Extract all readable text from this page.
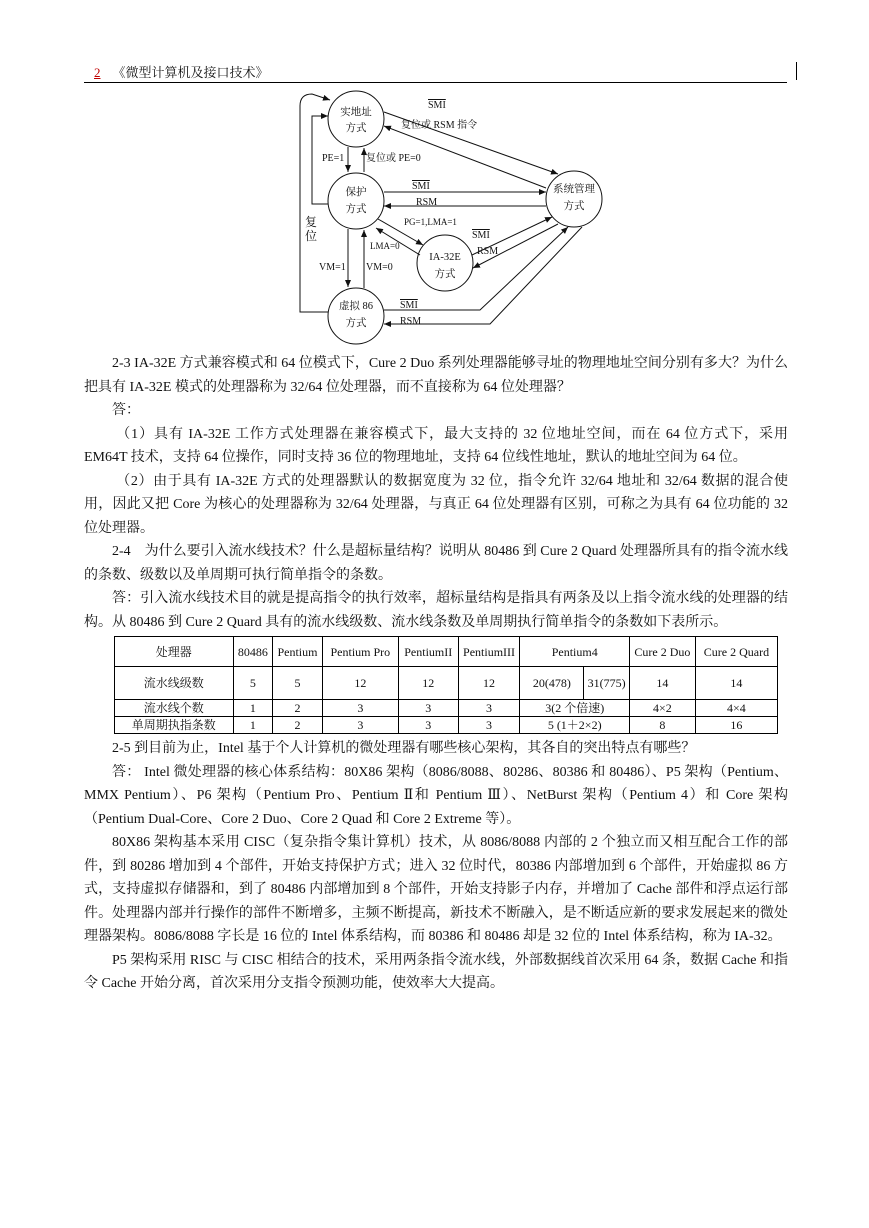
2 《微型计算机及接口技术》
实地址
方式
保护
方式
IA-32E
方式
虚拟 86
方式
系统管理
方式
SMI
复位或 RSM 指令
PE=1 复位或 PE=0
SMI
RSM
PG=1,LMA=1
SMI
RSM
LMA=0
VM=1 VM=0
SMI
RSM
复
位

2-3 IA-32E 方式兼容模式和 64 位模式下，Cure 2 Duo 系列处理器能够寻址的物理地址空间分别有多大？为什么把具有 IA-32E 模式的处理器称为 32/64 位处理器，而不直接称为 64 位处理器？

答：

（1）具有 IA-32E 工作方式处理器在兼容模式下，最大支持的 32 位地址空间，而在 64 位方式下，采用 EM64T 技术，支持 64 位操作，同时支持 36 位的物理地址，支持 64 位线性地址，默认的地址空间为 64 位。

（2）由于具有 IA-32E 方式的处理器默认的数据宽度为 32 位，指令允许 32/64 地址和 32/64 数据的混合使用，因此又把 Core 为核心的处理器称为 32/64 处理器，与真正 64 位处理器有区别，可称之为具有 64 位功能的 32 位处理器。

2-4　为什么要引入流水线技术？什么是超标量结构？说明从 80486 到 Cure 2 Quard 处理器所具有的指令流水线的条数、级数以及单周期可执行简单指令的条数。

答：引入流水线技术目的就是提高指令的执行效率，超标量结构是指具有两条及以上指令流水线的处理器的结构。从 80486 到 Cure 2 Quard 具有的流水线级数、流水线条数及单周期执行简单指令的条数如下表所示。

处理器	80486	Pentium	Pentium Pro	PentiumII	PentiumIII	Pentium4		Cure 2 Duo	Cure 2 Quard
流水线级数	5	5	12	12	12	20(478)	31(775)	14	14
流水线个数	1	2	3	3	3	3(2 个倍速)		4×2	4×4
单周期执指条数	1	2	3	3	3	5 (1＋2×2)		8	16

2-5 到目前为止，Intel 基于个人计算机的微处理器有哪些核心架构，其各自的突出特点有哪些？

答： Intel 微处理器的核心体系结构：80X86 架构（8086/8088、80286、80386 和 80486）、P5 架构（Pentium、MMX Pentium）、P6 架构（Pentium Pro、Pentium Ⅱ和 Pentium Ⅲ）、NetBurst 架构（Pentium 4）和 Core 架构（Pentium Dual-Core、Core 2 Duo、Core 2 Quad 和 Core 2 Extreme 等）。

80X86 架构基本采用 CISC（复杂指令集计算机）技术，从 8086/8088 内部的 2 个独立而又相互配合工作的部件，到 80286 增加到 4 个部件，开始支持保护方式；进入 32 位时代，80386 内部增加到 6 个部件，开始虚拟 86 方式，支持虚拟存储器和，到了 80486 内部增加到 8 个部件，开始支持影子内存，并增加了 Cache 部件和浮点运行部件。处理器内部并行操作的部件不断增多，主频不断提高，新技术不断融入，是不断适应新的要求发展起来的微处理器架构。8086/8088 字长是 16 位的 Intel 体系结构，而 80386 和 80486 却是 32 位的 Intel 体系结构，称为 IA-32。

P5 架构采用 RISC 与 CISC 相结合的技术，采用两条指令流水线，外部数据线首次采用 64 条，数据 Cache 和指令 Cache 开始分离，首次采用分支指令预测功能，使效率大大提高。
